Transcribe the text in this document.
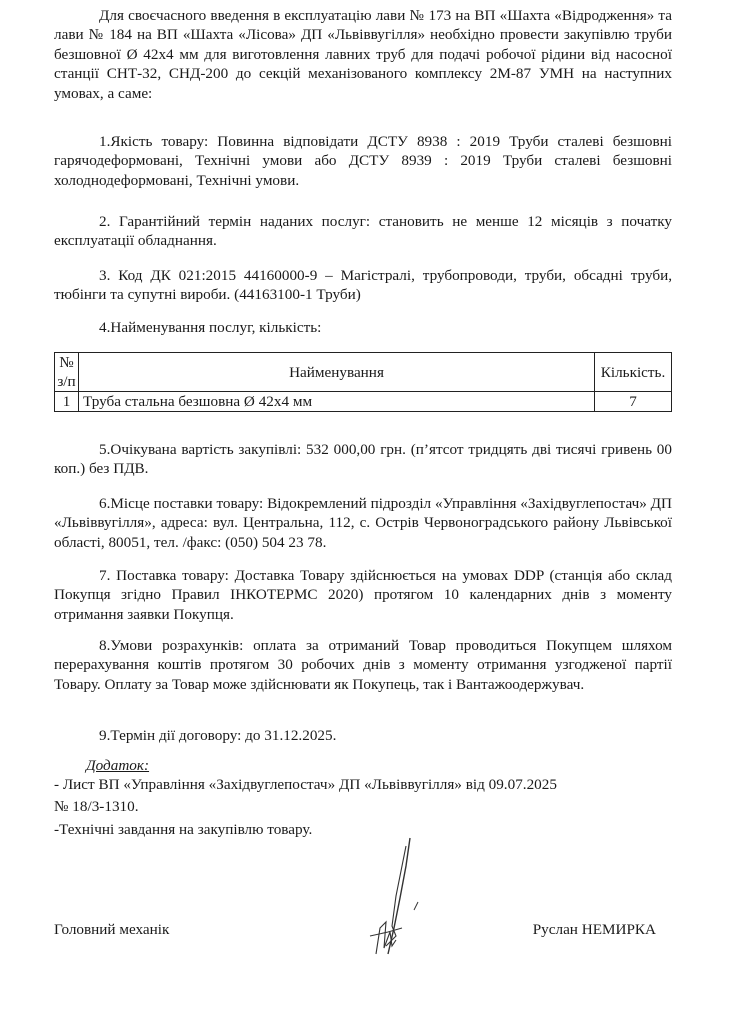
Для своєчасного введення в експлуатацію лави № 173 на ВП «Шахта «Відродження» та лави № 184 на ВП «Шахта «Лісова» ДП «Львіввугілля» необхідно провести закупівлю труби безшовної Ø 42х4 мм для виготовлення лавних труб для подачі робочої рідини від насосної станції СНТ-32, СНД-200 до секцій механізованого комплексу 2М-87 УМН на наступних умовах, а саме:

1.Якість товару: Повинна відповідати ДСТУ 8938 : 2019 Труби сталеві безшовні гарячодеформовані, Технічні умови або ДСТУ 8939 : 2019 Труби сталеві безшовні холоднодеформовані, Технічні умови.

2. Гарантійний термін наданих послуг: становить не менше 12 місяців з початку експлуатації обладнання.

3. Код ДК 021:2015 44160000-9 – Магістралі, трубопроводи, труби, обсадні труби, тюбінги та супутні вироби. (44163100-1 Труби)

4.Найменування послуг, кількість:

№ з/п	Найменування	Кількість.
1	Труба стальна безшовна Ø 42х4 мм	7

5.Очікувана вартість закупівлі: 532 000,00 грн. (п’ятсот тридцять дві тисячі гривень 00 коп.) без ПДВ.

6.Місце поставки товару: Відокремлений підрозділ «Управління «Західвуглепостач» ДП «Львіввугілля», адреса: вул. Центральна, 112, с. Острів Червоноградського району Львівської області, 80051, тел. /факс: (050) 504 23 78.

7. Поставка товару: Доставка Товару здійснюється на умовах DDP (станція або склад Покупця згідно Правил ІНКОТЕРМС 2020) протягом 10 календарних днів з моменту отримання заявки Покупця.

8.Умови розрахунків: оплата за отриманий Товар проводиться Покупцем шляхом перерахування коштів протягом 30 робочих днів з моменту отримання узгодженої партії Товару. Оплату за Товар може здійснювати як Покупець, так і Вантажоодержувач.

9.Термін дії договору: до 31.12.2025.

Додаток:

- Лист ВП «Управління «Західвуглепостач» ДП «Львіввугілля» від 09.07.2025

№ 18/3-1310.

-Технічні завдання на закупівлю товару.

Головний механік	Руслан НЕМИРКА
